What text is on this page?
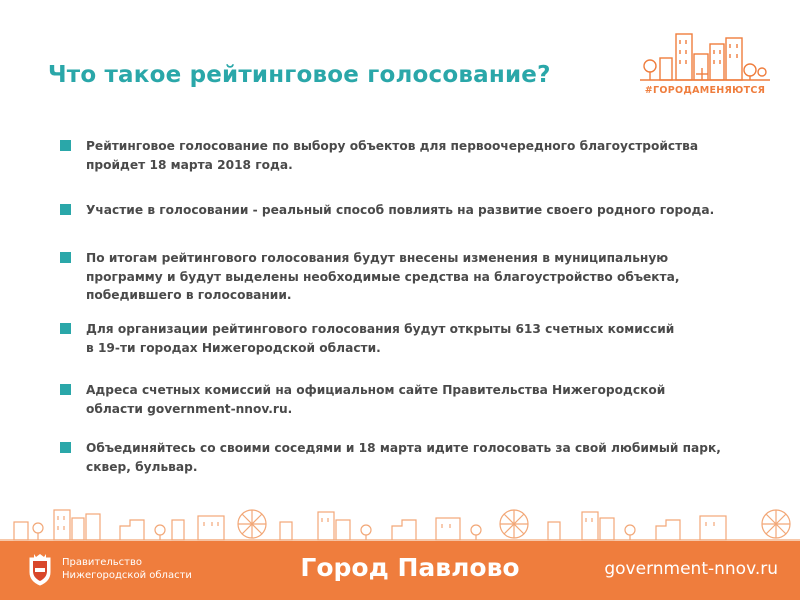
Что такое рейтинговое голосование?
#ГОРОДАМЕНЯЮТСЯ

Рейтинговое голосование по выбору объектов для первоочередного благоустройства
пройдет 18 марта 2018 года.

Участие в голосовании - реальный способ повлиять на развитие своего родного города.

По итогам рейтингового голосования будут внесены изменения в муниципальную
программу и будут выделены необходимые средства на благоустройство объекта,
победившего в голосовании.

Для организации рейтингового голосования будут открыты 613 счетных комиссий
в 19-ти городах Нижегородской области.

Адреса счетных комиссий на официальном сайте Правительства Нижегородской
области government-nnov.ru.

Объединяйтесь со своими соседями и 18 марта идите голосовать за свой любимый парк,
сквер, бульвар.

Правительство
Нижегородской области	Город Павлово	government-nnov.ru
